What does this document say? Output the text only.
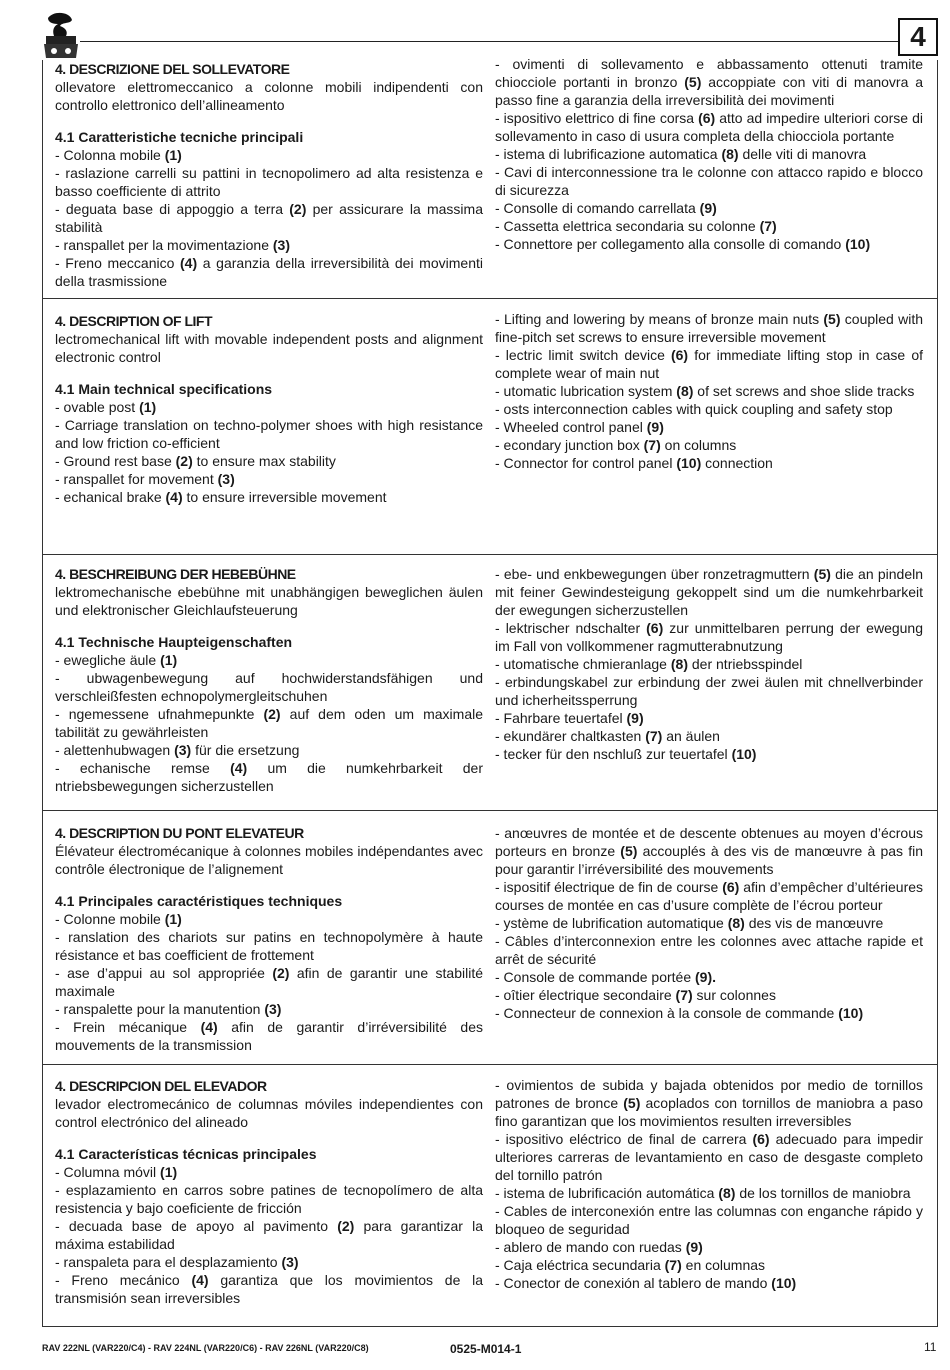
4

4. DESCRIZIONE DEL SOLLEVATORE

ollevatore elettromeccanico a colonne mobili indipendenti con controllo elettronico dell’allineamento

4.1 Caratteristiche tecniche principali

- Colonna mobile (1)

- raslazione carrelli su pattini in tecnopolimero ad alta resistenza e basso coefficiente di attrito

- deguata base di appoggio a terra (2) per assicurare la massima stabilità

- ranspallet per la movimentazione (3)

- Freno meccanico (4) a garanzia della irreversibilità dei movimenti della trasmissione

- ovimenti di sollevamento e abbassamento ottenuti tramite chiocciole portanti in bronzo (5) accoppiate con viti di manovra a passo fine a garanzia della irreversibilità dei movimenti

- ispositivo elettrico di fine corsa (6) atto ad impedire ulteriori corse di sollevamento in caso di usura completa della chiocciola portante

- istema di lubrificazione automatica (8) delle viti di manovra

- Cavi di interconnessione tra le colonne con attacco rapido e blocco di sicurezza

- Consolle di comando carrellata (9)

- Cassetta elettrica secondaria su colonne (7)

- Connettore per collegamento alla consolle di comando (10)

4. DESCRIPTION OF LIFT

lectromechanical lift with movable independent posts and alignment electronic control

4.1 Main technical specifications

- ovable post (1)

- Carriage translation on techno-polymer shoes with high resistance and low friction co-efficient

- Ground rest base (2) to ensure max stability

- ranspallet for movement (3)

- echanical brake (4) to ensure irreversible movement

- Lifting and lowering by means of bronze main nuts (5) coupled with fine-pitch set screws to ensure irreversible movement

- lectric limit switch device (6) for immediate lifting stop in case of complete wear of main nut

- utomatic lubrication system (8) of set screws and shoe slide tracks

- osts interconnection cables with quick coupling and safety stop

- Wheeled control panel (9)

- econdary junction box (7) on columns

- Connector for control panel (10) connection

4. BESCHREIBUNG DER HEBEBÜHNE

lektromechanische ebebühne mit unabhängigen beweglichen äulen und elektronischer Gleichlaufsteuerung

4.1 Technische Haupteigenschaften

- ewegliche äule (1)

- ubwagenbewegung auf hochwiderstandsfähigen und verschleißfesten echnopolymergleitschuhen

- ngemessene ufnahmepunkte (2) auf dem oden um maximale tabilität zu gewährleisten

- alettenhubwagen (3) für die ersetzung

- echanische remse (4) um die numkehrbarkeit der ntriebsbewegungen sicherzustellen

- ebe- und enkbewegungen über ronzetragmuttern (5) die an pindeln mit feiner Gewindesteigung gekoppelt sind um die numkehrbarkeit der ewegungen sicherzustellen

- lektrischer ndschalter (6) zur unmittelbaren perrung der ewegung im Fall von vollkommener ragmutterabnutzung

- utomatische chmieranlage (8) der ntriebsspindel

- erbindungskabel zur erbindung der zwei äulen mit chnellverbinder und icherheitssperrung

- Fahrbare teuertafel (9)

- ekundärer chaltkasten (7) an äulen

- tecker für den nschluß zur teuertafel (10)

4. DESCRIPTION DU PONT ELEVATEUR

Élévateur électromécanique à colonnes mobiles indépendantes avec contrôle électronique de l’alignement

4.1 Principales caractéristiques techniques

- Colonne mobile (1)

- ranslation des chariots sur patins en technopolymère à haute résistance et bas coefficient de frottement

- ase d’appui au sol appropriée (2) afin de garantir une stabilité maximale

- ranspalette pour la manutention (3)

- Frein mécanique (4) afin de garantir d’irréversibilité des mouvements de la transmission

- anœuvres de montée et de descente obtenues au moyen d’écrous porteurs en bronze (5) accouplés à des vis de manœuvre à pas fin pour garantir l’irréversibilité des mouvements

- ispositif électrique de fin de course (6) afin d’empêcher d’ultérieures courses de montée en cas d’usure complète de l’écrou porteur

- ystème de lubrification automatique (8) des vis de manœuvre

- Câbles d’interconnexion entre les colonnes avec attache rapide et arrêt de sécurité

- Console de commande portée (9).

- oîtier électrique secondaire (7) sur colonnes

- Connecteur de connexion à la console de commande (10)

4. DESCRIPCION DEL ELEVADOR

levador electromecánico de columnas móviles independientes con control electrónico del alineado

4.1 Características técnicas principales

- Columna móvil (1)

- esplazamiento en carros sobre patines de tecnopolímero de alta resistencia y bajo coeficiente de fricción

- decuada base de apoyo al pavimento (2) para garantizar la máxima estabilidad

- ranspaleta para el desplazamiento (3)

- Freno mecánico (4) garantiza que los movimientos de la transmisión sean irreversibles

- ovimientos de subida y bajada obtenidos por medio de tornillos patrones de bronce (5) acoplados con tornillos de maniobra a paso fino garantizan que los movimientos resulten irreversibles

- ispositivo eléctrico de final de carrera (6) adecuado para impedir ulteriores carreras de levantamiento en caso de desgaste completo del tornillo patrón

- istema de lubrificación automática (8) de los tornillos de maniobra

- Cables de interconexión entre las columnas con enganche rápido y bloqueo de seguridad

- ablero de mando con ruedas (9)

- Caja eléctrica secundaria (7) en columnas

- Conector de conexión al tablero de mando (10)

RAV 222NL (VAR220/C4) - RAV 224NL (VAR220/C6) - RAV 226NL (VAR220/C8)	0525-M014-1	11
